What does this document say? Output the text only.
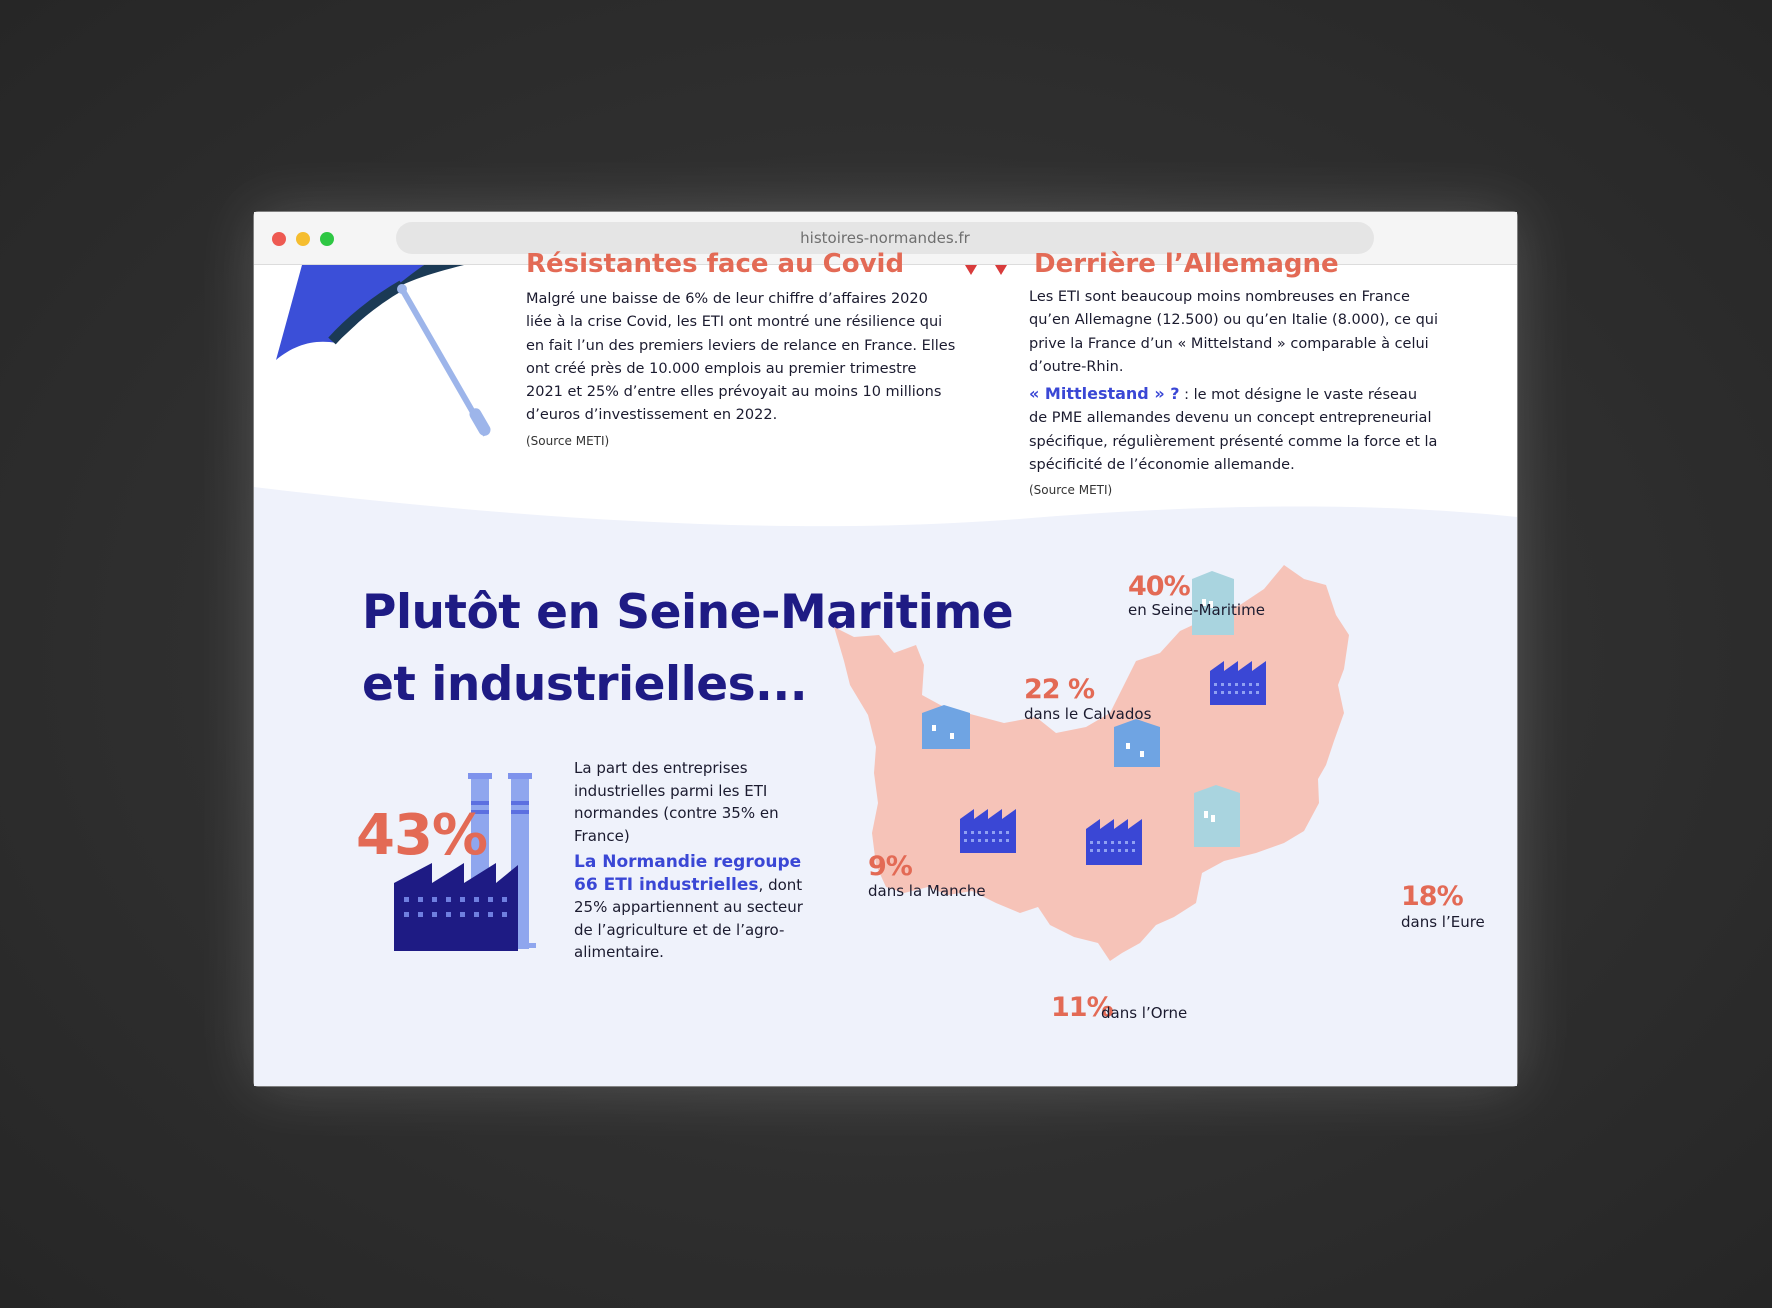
histoires-normandes.fr
Résistantes face au Covid	Derrière l’Allemagne
Malgré une baisse de 6% de leur chiffre d’affaires 2020 liée à la crise Covid, les ETI ont montré une résilience qui en fait l’un des premiers leviers de relance en France. Elles ont créé près de 10.000 emplois au premier trimestre 2021 et 25% d’entre elles prévoyait au moins 10 millions d’euros d’investissement en 2022.
(Source METI)
Les ETI sont beaucoup moins nombreuses en France qu’en Allemagne (12.500) ou qu’en Italie (8.000), ce qui prive la France d’un « Mittelstand » comparable à celui d’outre-Rhin.
« Mittlestand » ? : le mot désigne le vaste réseau de PME allemandes devenu un concept entrepreneurial spécifique, régulièrement présenté comme la force et la spécificité de l’économie allemande.
(Source METI)
Plutôt en Seine-Maritime
et industrielles...
43%
La part des entreprises industrielles parmi les ETI normandes (contre 35% en France)
La Normandie regroupe 66 ETI industrielles, dont 25% appartiennent au secteur de l’agriculture et de l’agro-alimentaire.
40%
en Seine-Maritime
22 %
dans le Calvados
9%
dans la Manche	18%
dans l’Eure
11%
dans l’Orne
